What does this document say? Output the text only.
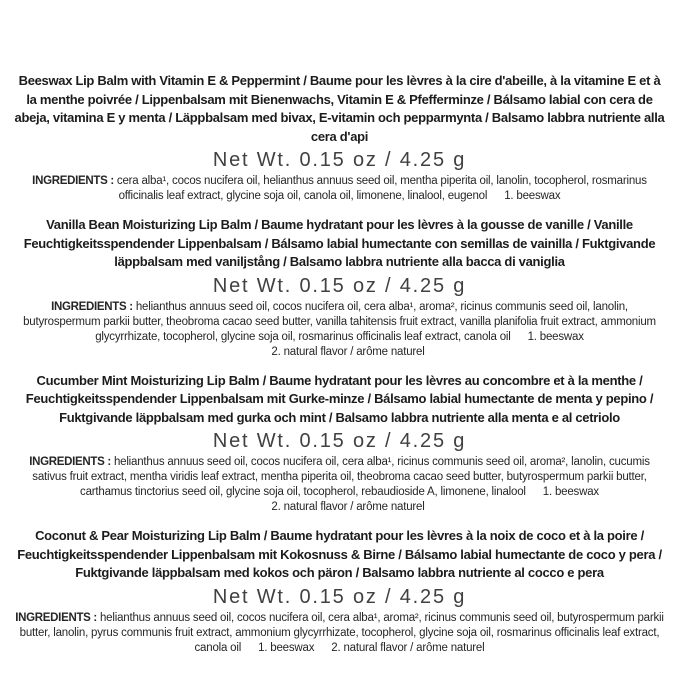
Beeswax Lip Balm with Vitamin E & Peppermint / Baume pour les lèvres à la cire d'abeille, à la vitamine E et à la menthe poivrée / Lippenbalsam mit Bienenwachs, Vitamin E & Pfefferminze / Bálsamo labial con cera de abeja, vitamina E y menta / Läppbalsam med bivax, E-vitamin och pepparmynta / Balsamo labbra nutriente alla cera d'api
Net Wt. 0.15 oz / 4.25 g

INGREDIENTS : cera alba¹, cocos nucifera oil, helianthus annuus seed oil, mentha piperita oil, lanolin, tocopherol, rosmarinus officinalis leaf extract, glycine soja oil, canola oil, limonene, linalool, eugenol 1. beeswax

Vanilla Bean Moisturizing Lip Balm / Baume hydratant pour les lèvres à la gousse de vanille / Vanille Feuchtigkeitsspendender Lippenbalsam / Bálsamo labial humectante con semillas de vainilla / Fuktgivande läppbalsam med vaniljstång / Balsamo labbra nutriente alla bacca di vaniglia
Net Wt. 0.15 oz / 4.25 g

INGREDIENTS : helianthus annuus seed oil, cocos nucifera oil, cera alba¹, aroma², ricinus communis seed oil, lanolin, butyrospermum parkii butter, theobroma cacao seed butter, vanilla tahitensis fruit extract, vanilla planifolia fruit extract, ammonium glycyrrhizate, tocopherol, glycine soja oil, rosmarinus officinalis leaf extract, canola oil 1. beeswax2. natural flavor / arôme naturel

Cucumber Mint Moisturizing Lip Balm / Baume hydratant pour les lèvres au concombre et à la menthe / Feuchtigkeitsspendender Lippenbalsam mit Gurke-minze / Bálsamo labial humectante de menta y pepino / Fuktgivande läppbalsam med gurka och mint / Balsamo labbra nutriente alla menta e al cetriolo
Net Wt. 0.15 oz / 4.25 g

INGREDIENTS : helianthus annuus seed oil, cocos nucifera oil, cera alba¹, ricinus communis seed oil, aroma², lanolin, cucumis sativus fruit extract, mentha viridis leaf extract, mentha piperita oil, theobroma cacao seed butter, butyrospermum parkii butter, carthamus tinctorius seed oil, glycine soja oil, tocopherol, rebaudioside A, limonene, linalool 1. beeswax2. natural flavor / arôme naturel

Coconut & Pear Moisturizing Lip Balm / Baume hydratant pour les lèvres à la noix de coco et à la poire / Feuchtigkeitsspendender Lippenbalsam mit Kokosnuss & Birne / Bálsamo labial humectante de coco y pera / Fuktgivande läppbalsam med kokos och päron / Balsamo labbra nutriente al cocco e pera
Net Wt. 0.15 oz / 4.25 g

INGREDIENTS : helianthus annuus seed oil, cocos nucifera oil, cera alba¹, aroma², ricinus communis seed oil, butyrospermum parkii butter, lanolin, pyrus communis fruit extract, ammonium glycyrrhizate, tocopherol, glycine soja oil, rosmarinus officinalis leaf extract, canola oil 1. beeswax 2. natural flavor / arôme naturel
